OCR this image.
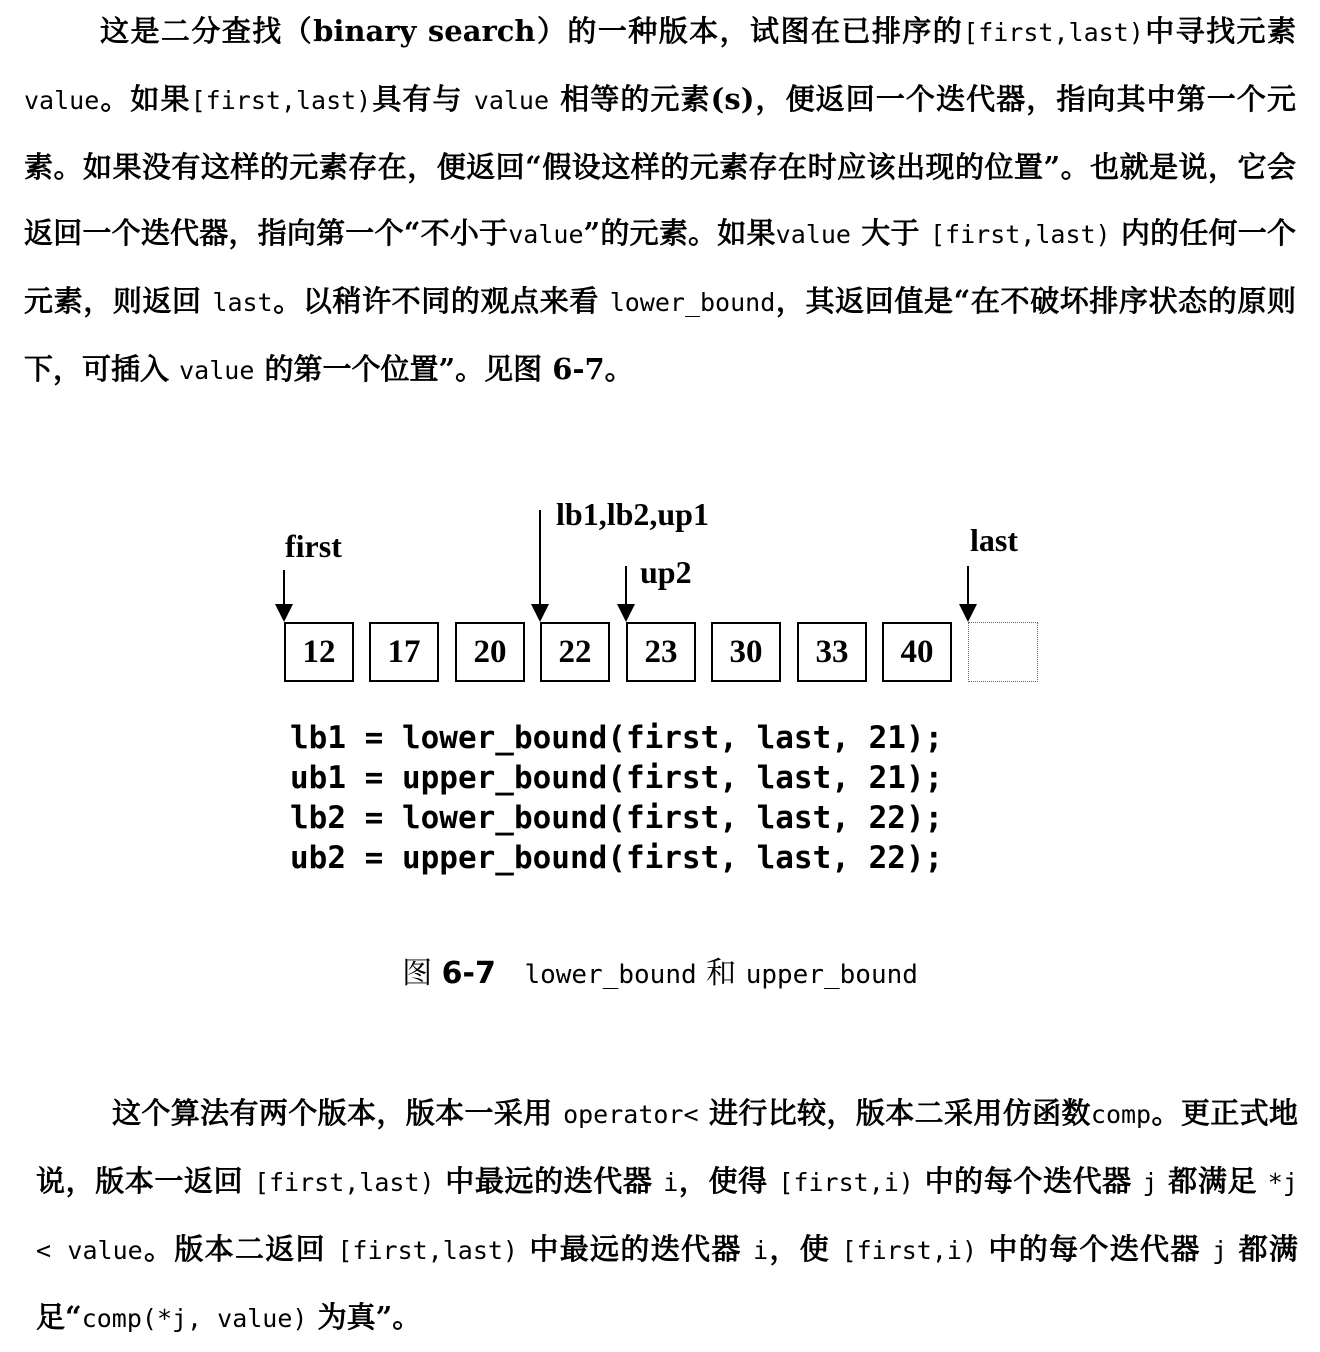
这是二分查找（binary search）的一种版本，试图在已排序的[first,last)中寻找元素 value。如果[first,last)具有与 value 相等的元素(s)，便返回一个迭代器，指向其中第一个元素。如果没有这样的元素存在，便返回“假设这样的元素存在时应该出现的位置”。也就是说，它会返回一个迭代器，指向第一个“不小于value”的元素。如果value 大于 [first,last) 内的任何一个元素，则返回 last。以稍许不同的观点来看 lower_bound，其返回值是“在不破坏排序状态的原则下，可插入 value 的第一个位置”。见图 6-7。
first
lb1,lb2,up1
up2
last
12	17	20	22	23	30	33	40
lb1 = lower_bound(first, last, 21);
ub1 = upper_bound(first, last, 21);
lb2 = lower_bound(first, last, 22);
ub2 = upper_bound(first, last, 22);
图 6-7 lower_bound 和 upper_bound
这个算法有两个版本，版本一采用 operator< 进行比较，版本二采用仿函数comp。更正式地说，版本一返回 [first,last) 中最远的迭代器 i，使得 [first,i) 中的每个迭代器 j 都满足 *j < value。版本二返回 [first,last) 中最远的迭代器 i，使 [first,i) 中的每个迭代器 j 都满足“comp(*j, value) 为真”。
